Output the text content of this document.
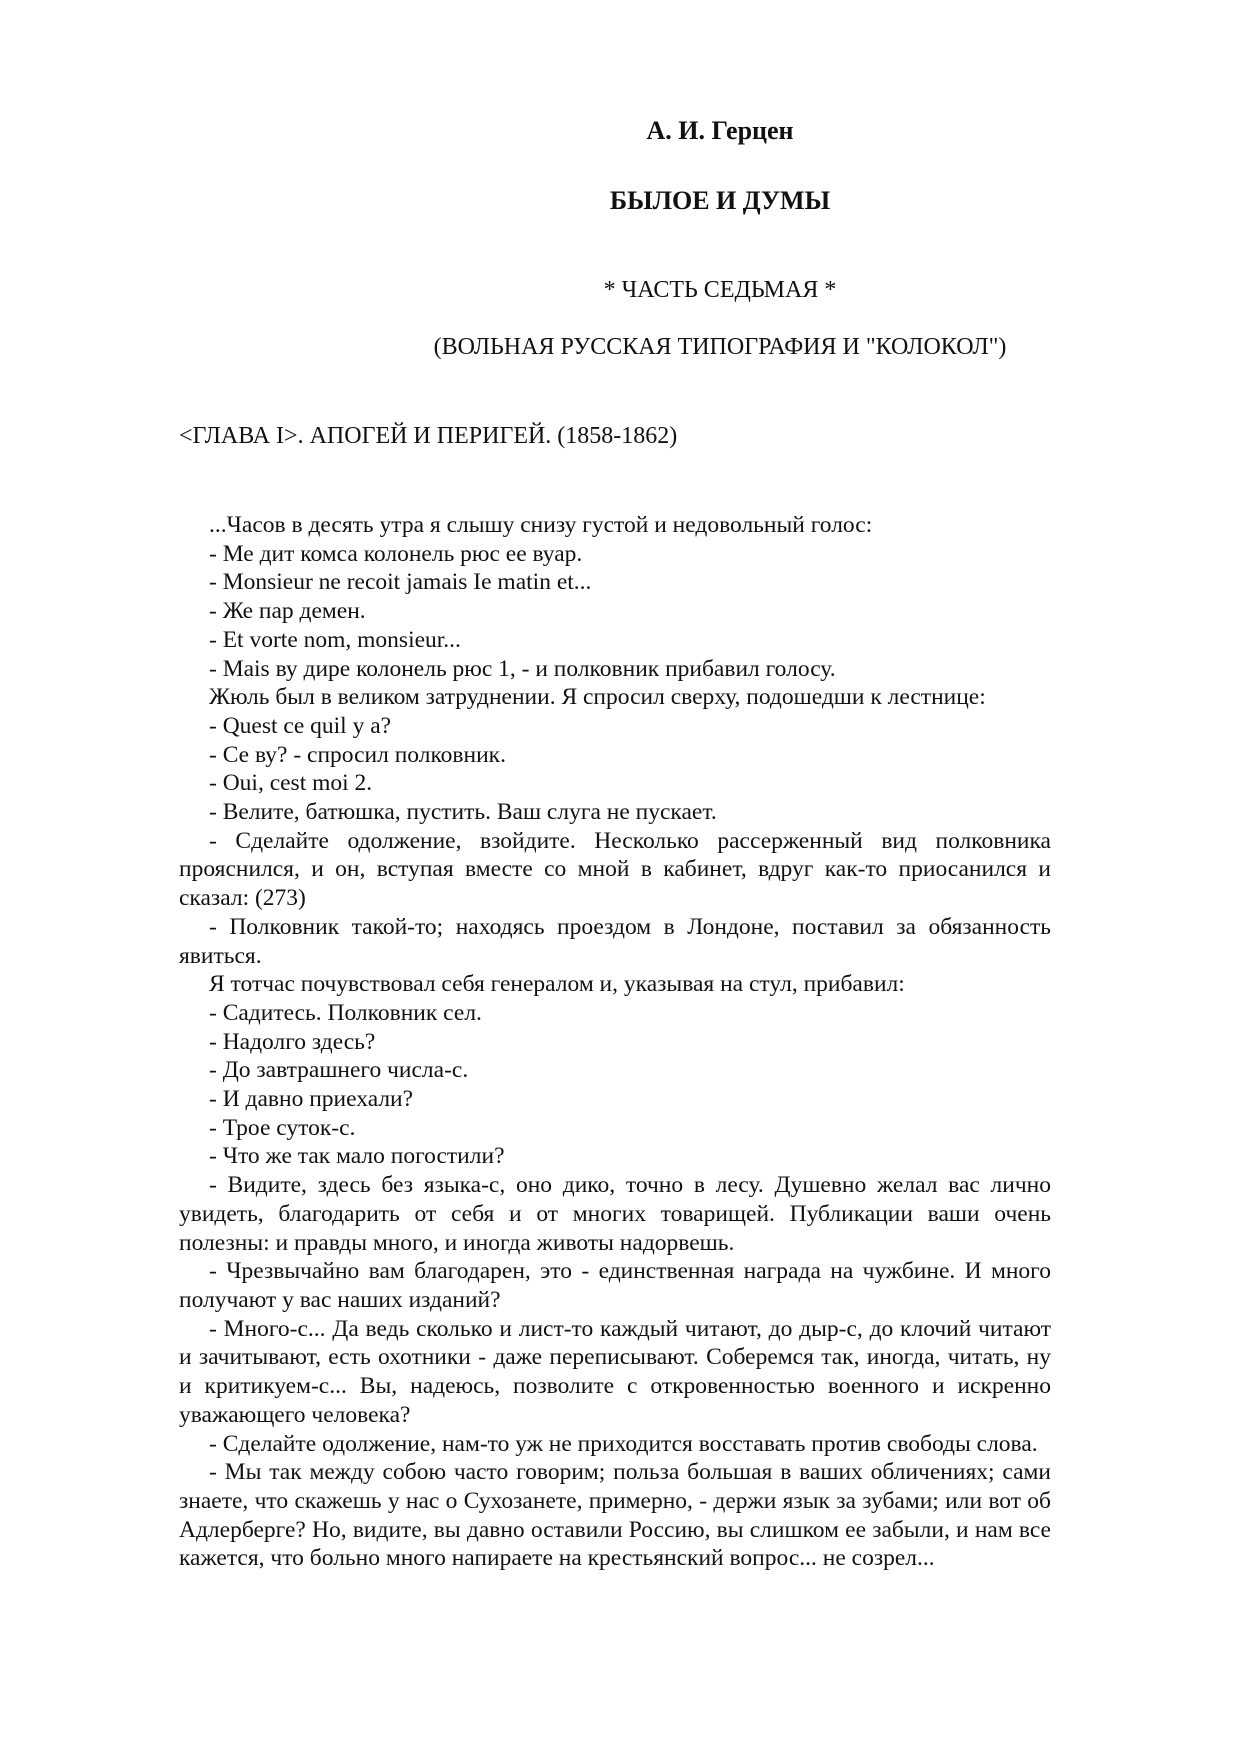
А. И. Герцен
БЫЛОЕ И ДУМЫ
* ЧАСТЬ СЕДЬМАЯ *
(ВОЛЬНАЯ РУССКАЯ ТИПОГРАФИЯ И "КОЛОКОЛ")
<ГЛАВА I>. АПОГЕЙ И ПЕРИГЕЙ. (1858-1862)

...Часов в десять утра я слышу снизу густой и недовольный голос:

- Ме дит комса колонель рюс ее вуар.

- Monsieur ne recoit jamais Ie matin et...

- Же пар демен.

- Et vorte nom, monsieur...

- Mais ву дире колонель рюс 1, - и полковник прибавил голосу.

Жюль был в великом затруднении. Я спросил сверху, подошедши к лестнице:

- Quest ce quil y a?

- Се ву? - спросил полковник.

- Oui, cest moi 2.

- Велите, батюшка, пустить. Ваш слуга не пускает.

- Сделайте одолжение, взойдите. Несколько рассерженный вид полковника прояснился, и он, вступая вместе со мной в кабинет, вдруг как-то приосанился и сказал: (273)

- Полковник такой-то; находясь проездом в Лондоне, поставил за обязанность явиться.

Я тотчас почувствовал себя генералом и, указывая на стул, прибавил:

- Садитесь. Полковник сел.

- Надолго здесь?

- До завтрашнего числа-с.

- И давно приехали?

- Трое суток-с.

- Что же так мало погостили?

- Видите, здесь без языка-с, оно дико, точно в лесу. Душевно желал вас лично увидеть, благодарить от себя и от многих товарищей. Публикации ваши очень полезны: и правды много, и иногда животы надорвешь.

- Чрезвычайно вам благодарен, это - единственная награда на чужбине. И много получают у вас наших изданий?

- Много-с... Да ведь сколько и лист-то каждый читают, до дыр-с, до клочий читают и зачитывают, есть охотники - даже переписывают. Соберемся так, иногда, читать, ну и критикуем-с... Вы, надеюсь, позволите с откровенностью военного и искренно уважающего человека?

- Сделайте одолжение, нам-то уж не приходится восставать против свободы слова.

- Мы так между собою часто говорим; польза большая в ваших обличениях; сами знаете, что скажешь у нас о Сухозанете, примерно, - держи язык за зубами; или вот об Адлерберге? Но, видите, вы давно оставили Россию, вы слишком ее забыли, и нам все кажется, что больно много напираете на крестьянский вопрос... не созрел...
